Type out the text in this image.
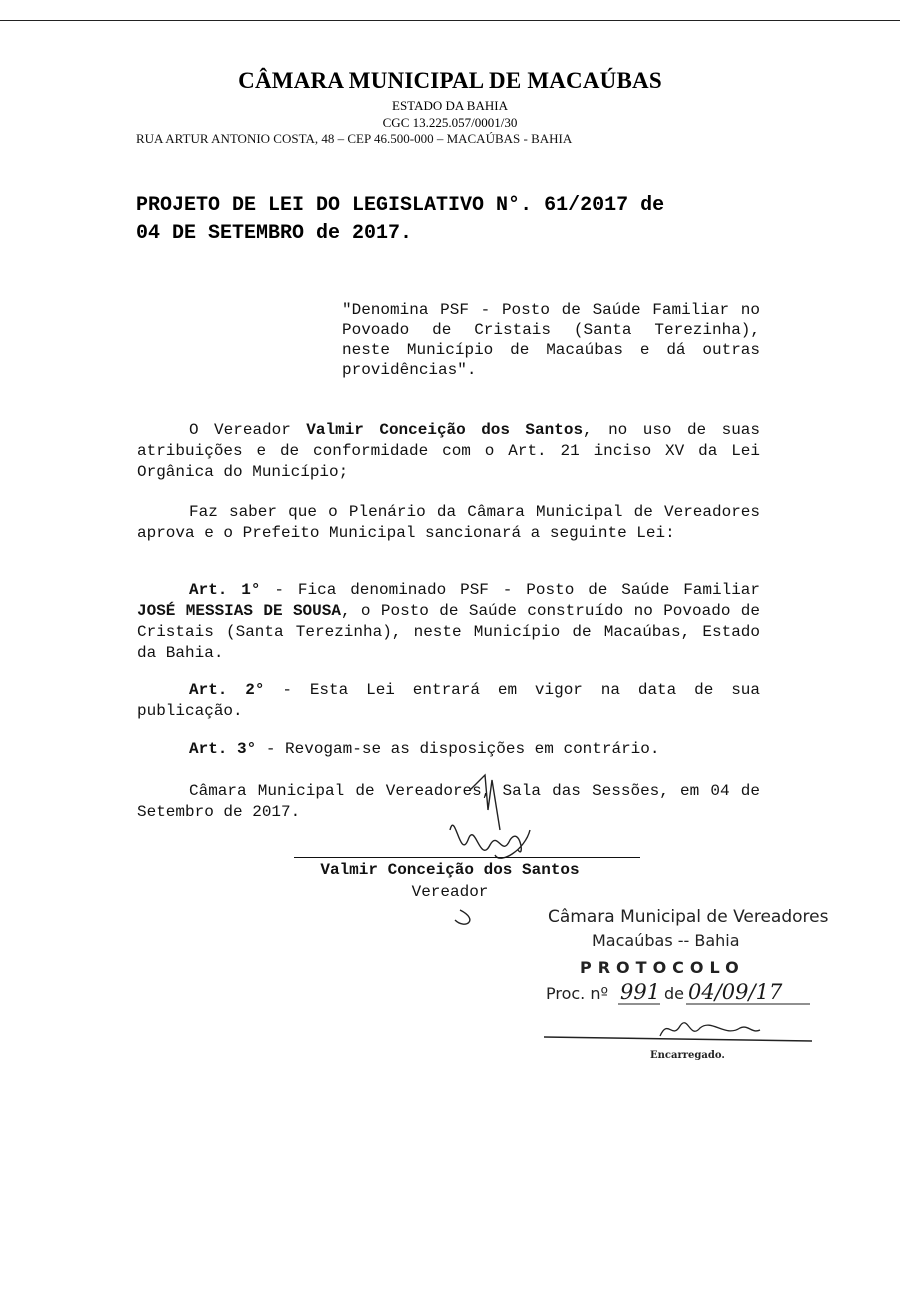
CÂMARA MUNICIPAL DE MACAÚBAS
ESTADO DA BAHIA
CGC 13.225.057/0001/30
RUA ARTUR ANTONIO COSTA, 48 – CEP 46.500-000 – MACAÚBAS - BAHIA
PROJETO DE LEI DO LEGISLATIVO N°. 61/2017 de
04 DE SETEMBRO de 2017.
"Denomina PSF - Posto de Saúde Familiar no Povoado de Cristais (Santa Terezinha), neste Município de Macaúbas e dá outras providências".
O Vereador Valmir Conceição dos Santos, no uso de suas atribuições e de conformidade com o Art. 21 inciso XV da Lei Orgânica do Município;
Faz saber que o Plenário da Câmara Municipal de Vereadores aprova e o Prefeito Municipal sancionará a seguinte Lei:
Art. 1° - Fica denominado PSF - Posto de Saúde Familiar JOSÉ MESSIAS DE SOUSA, o Posto de Saúde construído no Povoado de Cristais (Santa Terezinha), neste Município de Macaúbas, Estado da Bahia.
Art. 2° - Esta Lei entrará em vigor na data de sua publicação.
Art. 3° - Revogam-se as disposições em contrário.
Câmara Municipal de Vereadores, Sala das Sessões, em 04 de Setembro de 2017.
Valmir Conceição dos Santos
Vereador
Câmara Municipal de Vereadores
Macaúbas -- Bahia
PROTOCOLO
Proc. nº 991 de 04/09/17
Encarregado.
